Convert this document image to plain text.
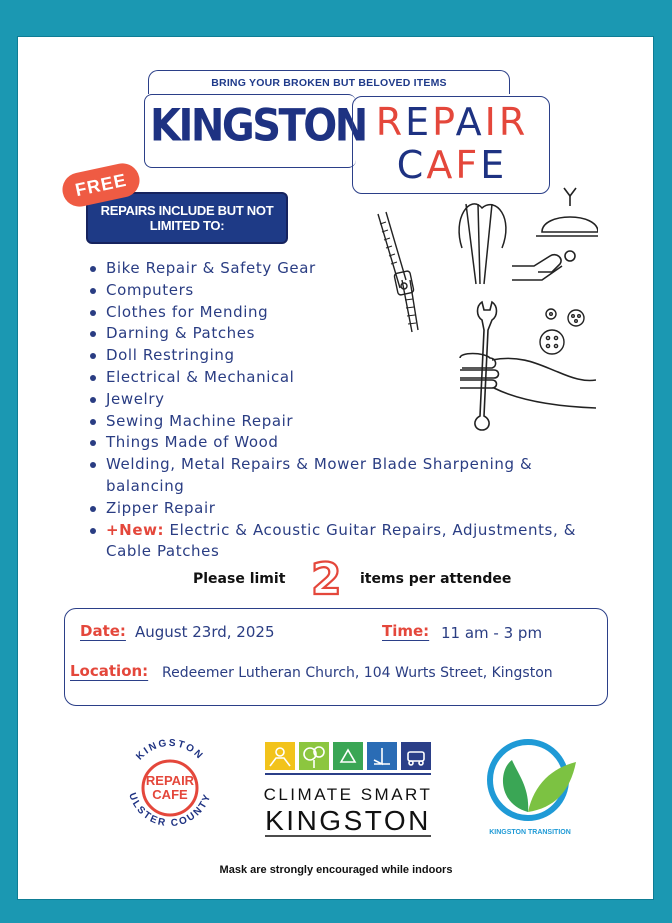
BRING YOUR BROKEN BUT BELOVED ITEMS
KINGSTON REPAIR
CAFE
FREE
REPAIRS INCLUDE BUT NOT LIMITED TO:
Bike Repair & Safety Gear
Computers
Clothes for Mending
Darning & Patches
Doll Restringing
Electrical & Mechanical
Jewelry
Sewing Machine Repair
Things Made of Wood
Welding, Metal Repairs & Mower Blade Sharpening & balancing
Zipper Repair
+New: Electric & Acoustic Guitar Repairs, Adjustments, & Cable Patches
Please limit 2 items per attendee
Date: August 23rd, 2025	Time: 11 am - 3 pm
Location: Redeemer Lutheran Church, 104 Wurts Street, Kingston
KINGSTON
ULSTER COUNTY
REPAIR
CAFE	CLIMATE SMART
KINGSTON	KINGSTON TRANSITION
Mask are strongly encouraged while indoors
